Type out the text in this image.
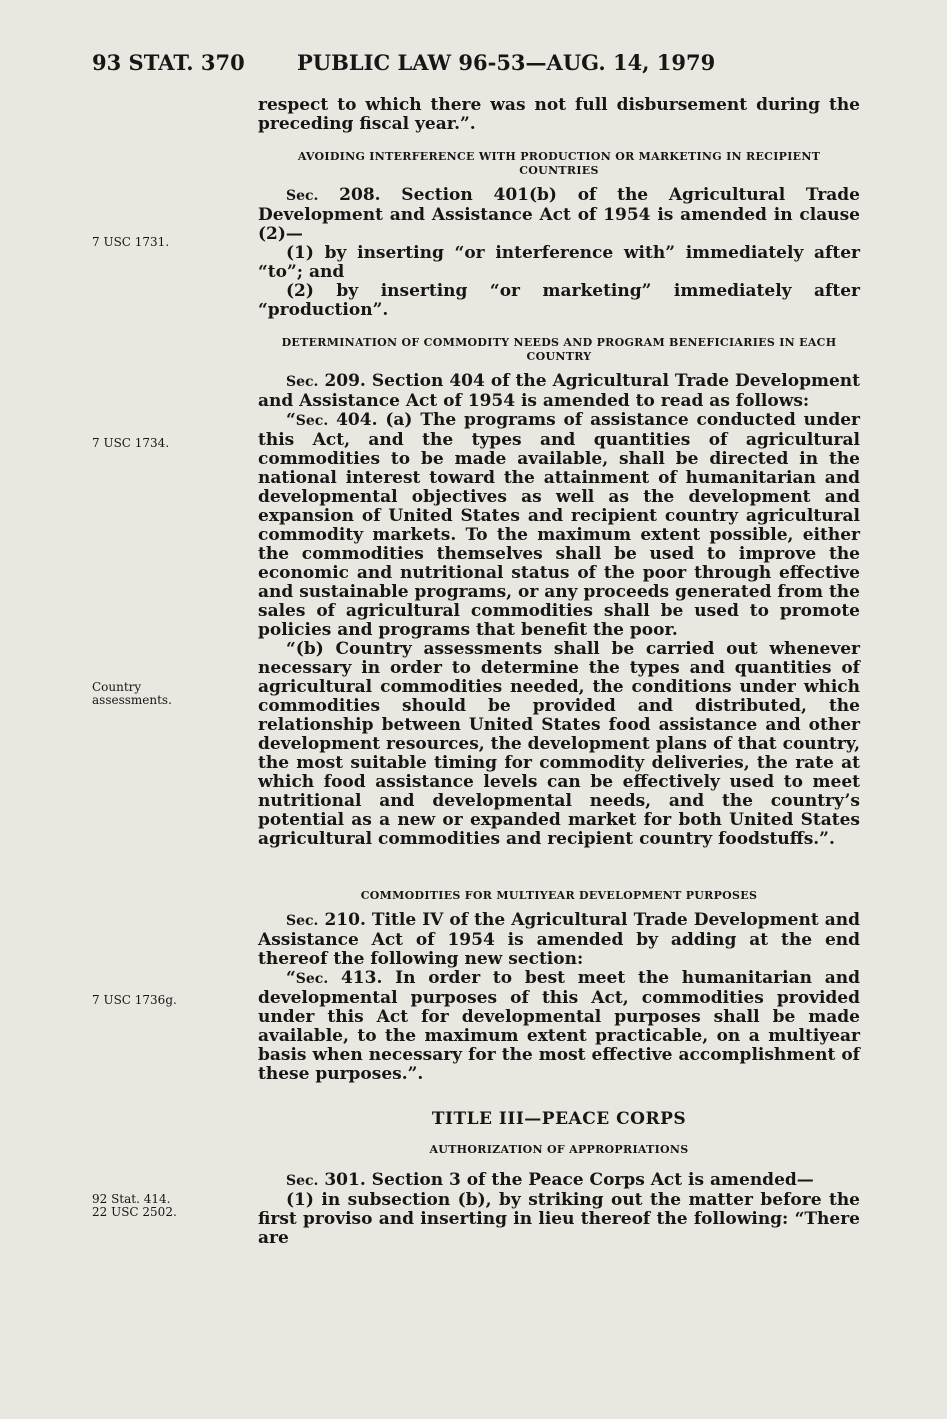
93 STAT. 370 PUBLIC LAW 96-53—AUG. 14, 1979
7 USC 1731.
7 USC 1734.
Country
assessments.
7 USC 1736g.
92 Stat. 414.
22 USC 2502.

respect to which there was not full disbursement during the preceding fiscal year.”.

AVOIDING INTERFERENCE WITH PRODUCTION OR MARKETING IN RECIPIENT COUNTRIES

Sec. 208. Section 401(b) of the Agricultural Trade Development and Assistance Act of 1954 is amended in clause (2)—

(1) by inserting “or interference with” immediately after “to”; and

(2) by inserting “or marketing” immediately after “production”.

DETERMINATION OF COMMODITY NEEDS AND PROGRAM BENEFICIARIES IN EACH COUNTRY

Sec. 209. Section 404 of the Agricultural Trade Development and Assistance Act of 1954 is amended to read as follows:

“Sec. 404. (a) The programs of assistance conducted under this Act, and the types and quantities of agricultural commodities to be made available, shall be directed in the national interest toward the attainment of humanitarian and developmental objectives as well as the development and expansion of United States and recipient country agricultural commodity markets. To the maximum extent possible, either the commodities themselves shall be used to improve the economic and nutritional status of the poor through effective and sustainable programs, or any proceeds generated from the sales of agricultural commodities shall be used to promote policies and programs that benefit the poor.

“(b) Country assessments shall be carried out whenever necessary in order to determine the types and quantities of agricultural commodities needed, the conditions under which commodities should be provided and distributed, the relationship between United States food assistance and other development resources, the development plans of that country, the most suitable timing for commodity deliveries, the rate at which food assistance levels can be effectively used to meet nutritional and developmental needs, and the country’s potential as a new or expanded market for both United States agricultural commodities and recipient country foodstuffs.”.

COMMODITIES FOR MULTIYEAR DEVELOPMENT PURPOSES

Sec. 210. Title IV of the Agricultural Trade Development and Assistance Act of 1954 is amended by adding at the end thereof the following new section:

“Sec. 413. In order to best meet the humanitarian and developmental purposes of this Act, commodities provided under this Act for developmental purposes shall be made available, to the maximum extent practicable, on a multiyear basis when necessary for the most effective accomplishment of these purposes.”.

TITLE III—PEACE CORPS

AUTHORIZATION OF APPROPRIATIONS

Sec. 301. Section 3 of the Peace Corps Act is amended—

(1) in subsection (b), by striking out the matter before the first proviso and inserting in lieu thereof the following: “There are
